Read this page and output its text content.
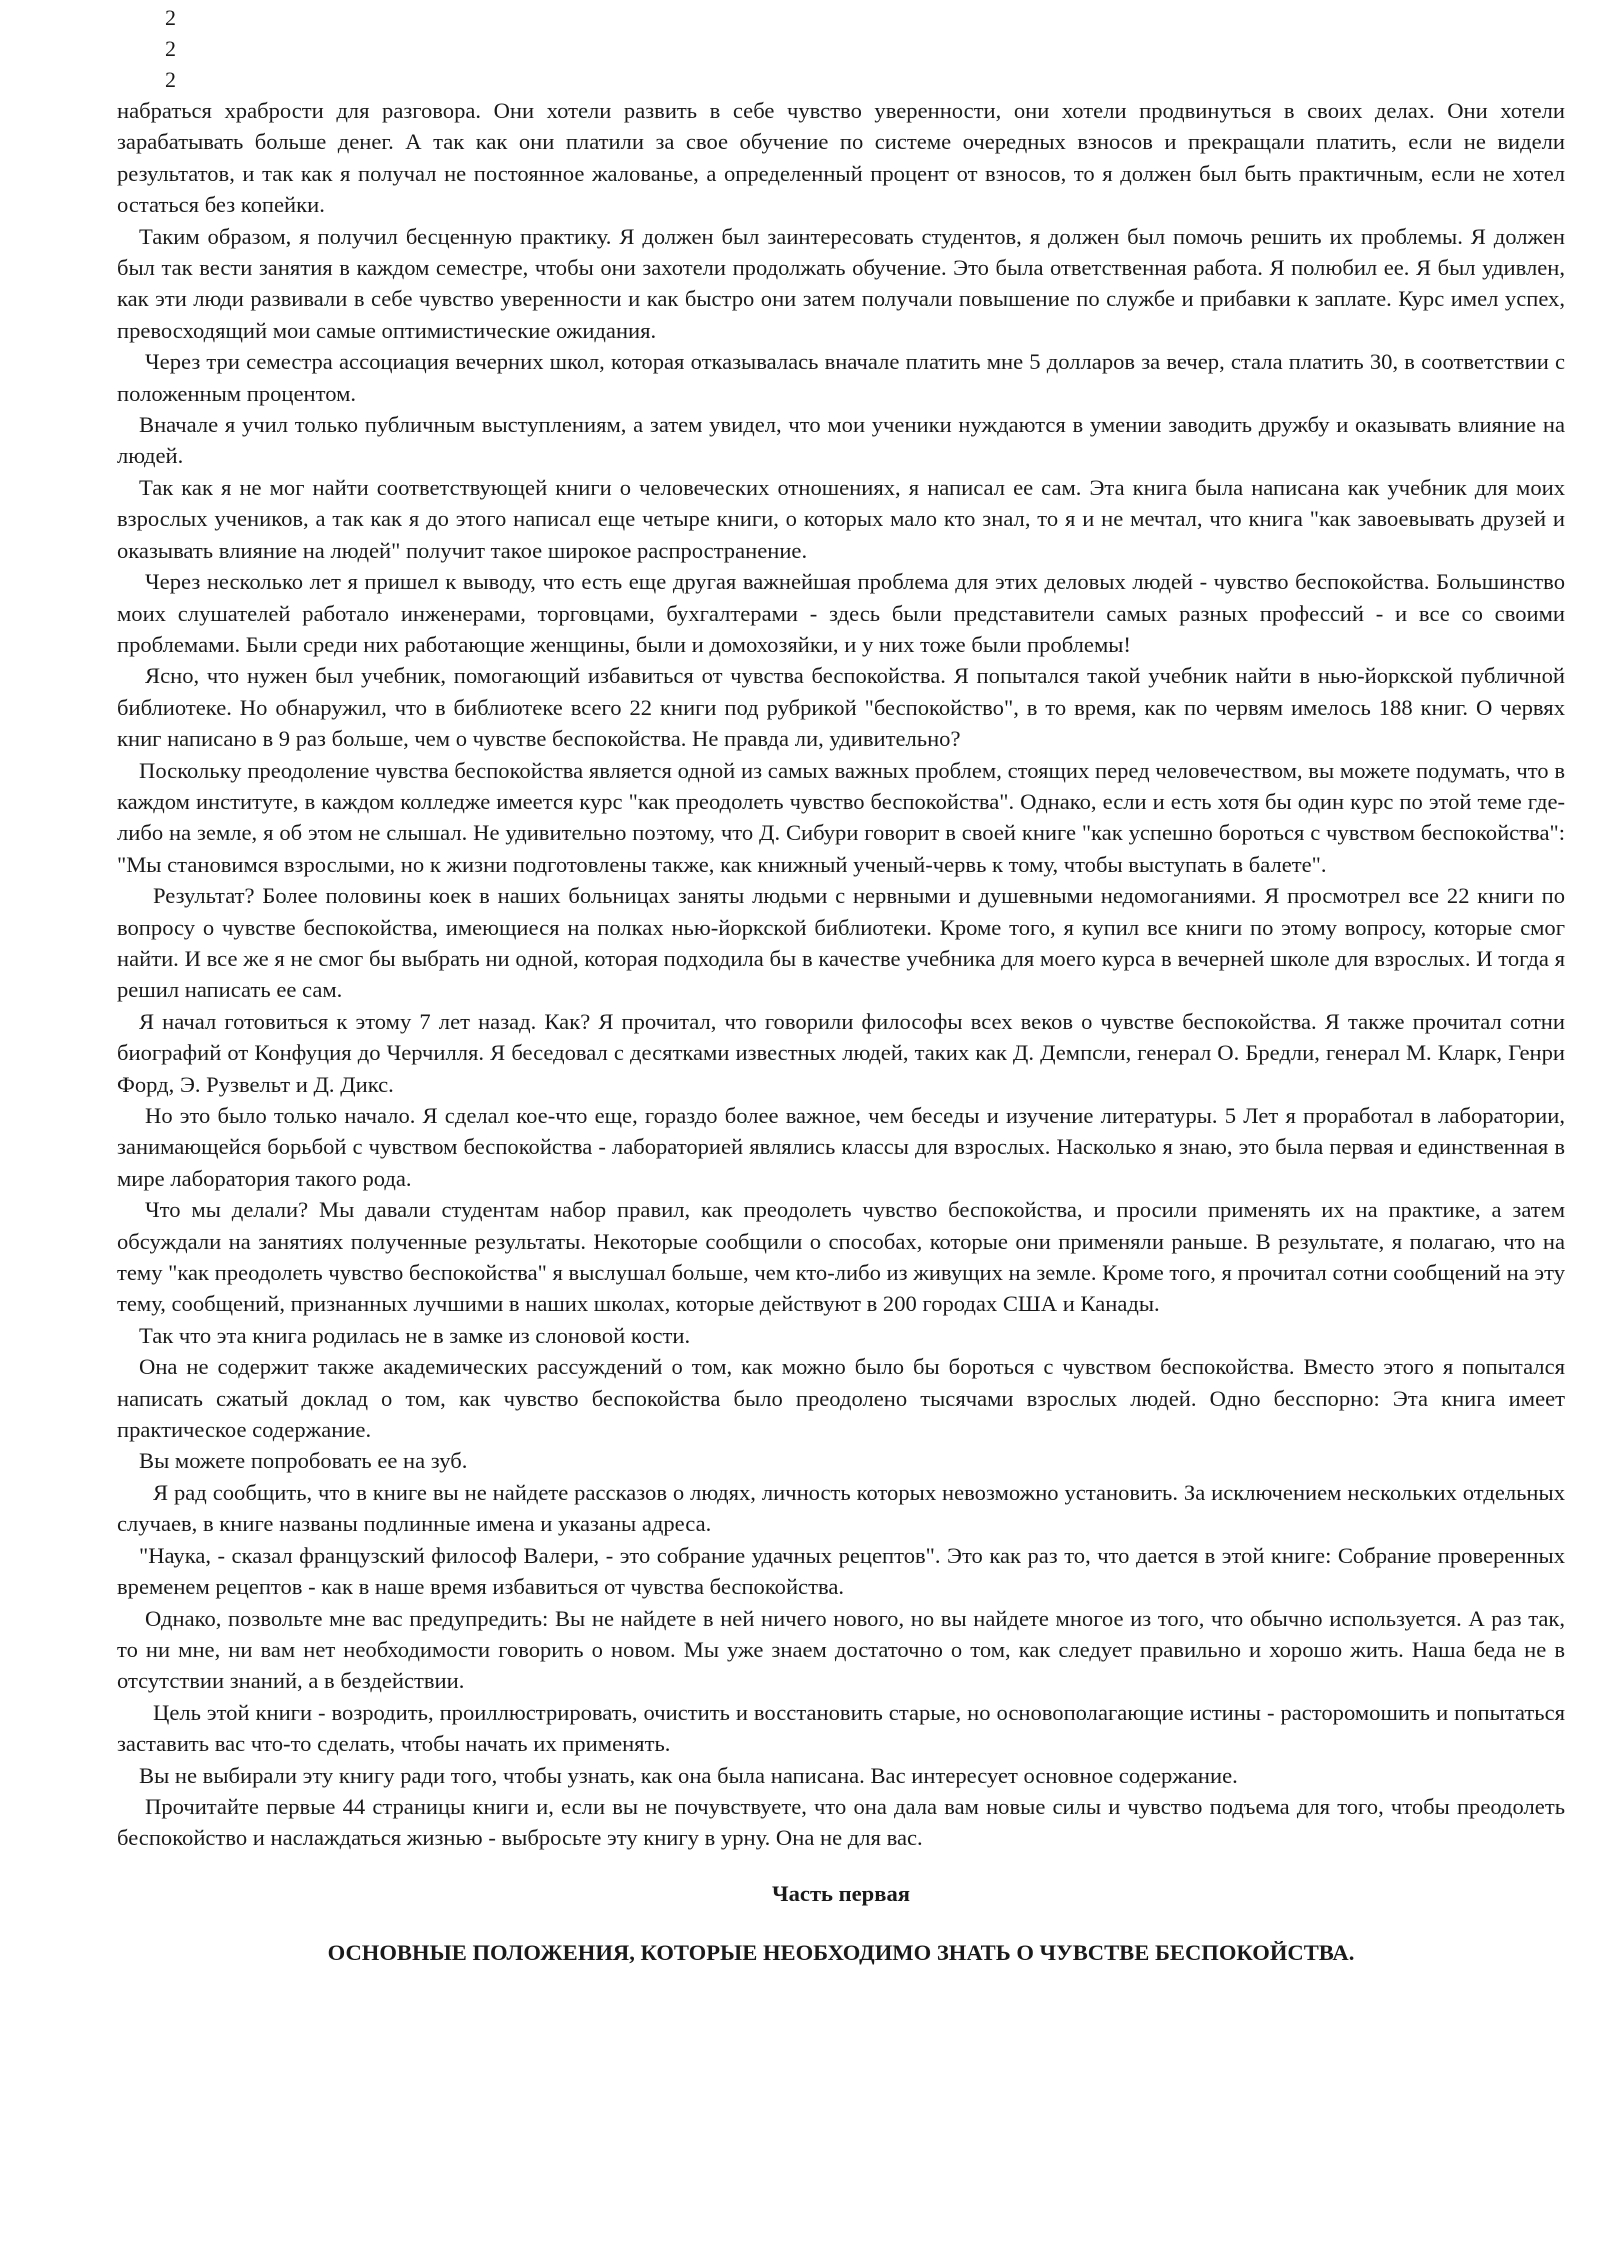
2
2
2

набраться храбрости для разговора. Они хотели развить в себе чувство уверенности, они хотели продвинуться в своих делах. Они хотели зарабатывать больше денег. А так как они платили за свое обучение по системе очередных взносов и прекращали платить, если не видели результатов, и так как я получал не постоянное жалованье, а определенный процент от взносов, то я должен был быть практичным, если не хотел остаться без копейки.

Таким образом, я получил бесценную практику. Я должен был заинтересовать студентов, я должен был помочь решить их проблемы. Я должен был так вести занятия в каждом семестре, чтобы они захотели продолжать обучение. Это была ответственная работа. Я полюбил ее. Я был удивлен, как эти люди развивали в себе чувство уверенности и как быстро они затем получали повышение по службе и прибавки к заплате. Курс имел успех, превосходящий мои самые оптимистические ожидания.

Через три семестра ассоциация вечерних школ, которая отказывалась вначале платить мне 5 долларов за вечер, стала платить 30, в соответствии с положенным процентом.

Вначале я учил только публичным выступлениям, а затем увидел, что мои ученики нуждаются в умении заводить дружбу и оказывать влияние на людей.

Так как я не мог найти соответствующей книги о человеческих отношениях, я написал ее сам. Эта книга была написана как учебник для моих взрослых учеников, а так как я до этого написал еще четыре книги, о которых мало кто знал, то я и не мечтал, что книга "как завоевывать друзей и оказывать влияние на людей" получит такое широкое распространение.

Через несколько лет я пришел к выводу, что есть еще другая важнейшая проблема для этих деловых людей - чувство беспокойства. Большинство моих слушателей работало инженерами, торговцами, бухгалтерами - здесь были представители самых разных профессий - и все со своими проблемами. Были среди них работающие женщины, были и домохозяйки, и у них тоже были проблемы!

Ясно, что нужен был учебник, помогающий избавиться от чувства беспокойства. Я попытался такой учебник найти в нью-йоркской публичной библиотеке. Но обнаружил, что в библиотеке всего 22 книги под рубрикой "беспокойство", в то время, как по червям имелось 188 книг. О червях книг написано в 9 раз больше, чем о чувстве беспокойства. Не правда ли, удивительно?

Поскольку преодоление чувства беспокойства является одной из самых важных проблем, стоящих перед человечеством, вы можете подумать, что в каждом институте, в каждом колледже имеется курс "как преодолеть чувство беспокойства". Однако, если и есть хотя бы один курс по этой теме где-либо на земле, я об этом не слышал. Не удивительно поэтому, что Д. Сибури говорит в своей книге "как успешно бороться с чувством беспокойства": "Мы становимся взрослыми, но к жизни подготовлены также, как книжный ученый-червь к тому, чтобы выступать в балете".

Результат? Более половины коек в наших больницах заняты людьми с нервными и душевными недомоганиями. Я просмотрел все 22 книги по вопросу о чувстве беспокойства, имеющиеся на полках нью-йоркской библиотеки. Кроме того, я купил все книги по этому вопросу, которые смог найти. И все же я не смог бы выбрать ни одной, которая подходила бы в качестве учебника для моего курса в вечерней школе для взрослых. И тогда я решил написать ее сам.

Я начал готовиться к этому 7 лет назад. Как? Я прочитал, что говорили философы всех веков о чувстве беспокойства. Я также прочитал сотни биографий от Конфуция до Черчилля. Я беседовал с десятками известных людей, таких как Д. Демпсли, генерал О. Бредли, генерал М. Кларк, Генри Форд, Э. Рузвельт и Д. Дикс.

Но это было только начало. Я сделал кое-что еще, гораздо более важное, чем беседы и изучение литературы. 5 Лет я проработал в лаборатории, занимающейся борьбой с чувством беспокойства - лабораторией являлись классы для взрослых. Насколько я знаю, это была первая и единственная в мире лаборатория такого рода.

Что мы делали? Мы давали студентам набор правил, как преодолеть чувство беспокойства, и просили применять их на практике, а затем обсуждали на занятиях полученные результаты. Некоторые сообщили о способах, которые они применяли раньше. В результате, я полагаю, что на тему "как преодолеть чувство беспокойства" я выслушал больше, чем кто-либо из живущих на земле. Кроме того, я прочитал сотни сообщений на эту тему, сообщений, признанных лучшими в наших школах, которые действуют в 200 городах США и Канады.

Так что эта книга родилась не в замке из слоновой кости.

Она не содержит также академических рассуждений о том, как можно было бы бороться с чувством беспокойства. Вместо этого я попытался написать сжатый доклад о том, как чувство беспокойства было преодолено тысячами взрослых людей. Одно бесспорно: Эта книга имеет практическое содержание.

Вы можете попробовать ее на зуб.

Я рад сообщить, что в книге вы не найдете рассказов о людях, личность которых невозможно установить. За исключением нескольких отдельных случаев, в книге названы подлинные имена и указаны адреса.

"Наука, - сказал французский философ Валери, - это собрание удачных рецептов". Это как раз то, что дается в этой книге: Собрание проверенных временем рецептов - как в наше время избавиться от чувства беспокойства.

Однако, позвольте мне вас предупредить: Вы не найдете в ней ничего нового, но вы найдете многое из того, что обычно используется. А раз так, то ни мне, ни вам нет необходимости говорить о новом. Мы уже знаем достаточно о том, как следует правильно и хорошо жить. Наша беда не в отсутствии знаний, а в бездействии.

Цель этой книги - возродить, проиллюстрировать, очистить и восстановить старые, но основополагающие истины - расторомошить и попытаться заставить вас что-то сделать, чтобы начать их применять.

Вы не выбирали эту книгу ради того, чтобы узнать, как она была написана. Вас интересует основное содержание.

Прочитайте первые 44 страницы книги и, если вы не почувствуете, что она дала вам новые силы и чувство подъема для того, чтобы преодолеть беспокойство и наслаждаться жизнью - выбросьте эту книгу в урну. Она не для вас.

Часть первая

ОСНОВНЫЕ ПОЛОЖЕНИЯ, КОТОРЫЕ НЕОБХОДИМО ЗНАТЬ О ЧУВСТВЕ БЕСПОКОЙСТВА.
